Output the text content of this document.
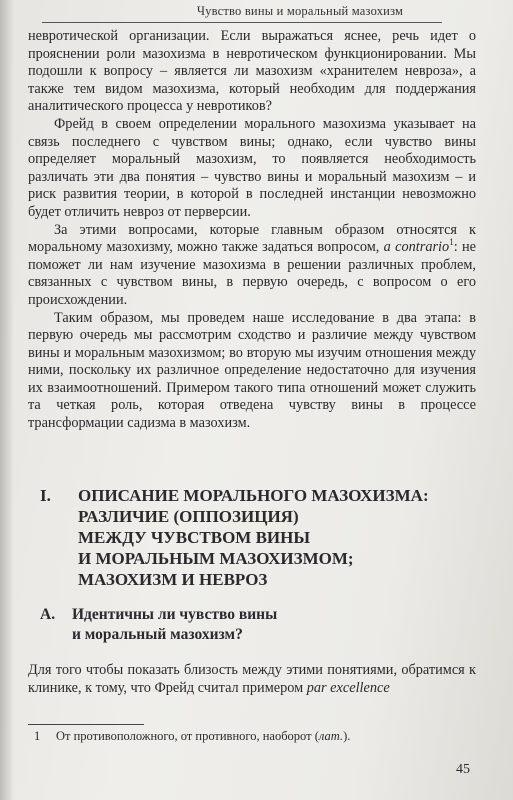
Чувство вины и моральный мазохизм

невротической организации. Если выражаться яснее, речь идет о прояснении роли мазохизма в невротическом функционировании. Мы подошли к вопросу – является ли мазохизм «хранителем невроза», а также тем видом мазохизма, который необходим для поддержания аналитического процесса у невротиков?

Фрейд в своем определении морального мазохизма указывает на связь последнего с чувством вины; однако, если чувство вины определяет моральный мазохизм, то появляется необходимость различать эти два понятия – чувство вины и моральный мазохизм – и риск развития теории, в которой в последней инстанции невозможно будет отличить невроз от перверсии.

За этими вопросами, которые главным образом относятся к моральному мазохизму, можно также задаться вопросом, a contrario$^1$: не поможет ли нам изучение мазохизма в решении различных проблем, связанных с чувством вины, в первую очередь, с вопросом о его происхождении.

Таким образом, мы проведем наше исследование в два этапа: в первую очередь мы рассмотрим сходство и различие между чувством вины и моральным мазохизмом; во вторую мы изучим отношения между ними, поскольку их различное определение недостаточно для изучения их взаимоотношений. Примером такого типа отношений может служить та четкая роль, которая отведена чувству вины в процессе трансформации садизма в мазохизм.

I. ОПИСАНИЕ МОРАЛЬНОГО МАЗОХИЗМА:
РАЗЛИЧИЕ (ОППОЗИЦИЯ)
МЕЖДУ ЧУВСТВОМ ВИНЫ
И МОРАЛЬНЫМ МАЗОХИЗМОМ;
МАЗОХИЗМ И НЕВРОЗ
A. Идентичны ли чувство вины
и моральный мазохизм?

Для того чтобы показать близость между этими понятиями, обратимся к клинике, к тому, что Фрейд считал примером par excellence

1 От противоположного, от противного, наоборот (лат.).
45
